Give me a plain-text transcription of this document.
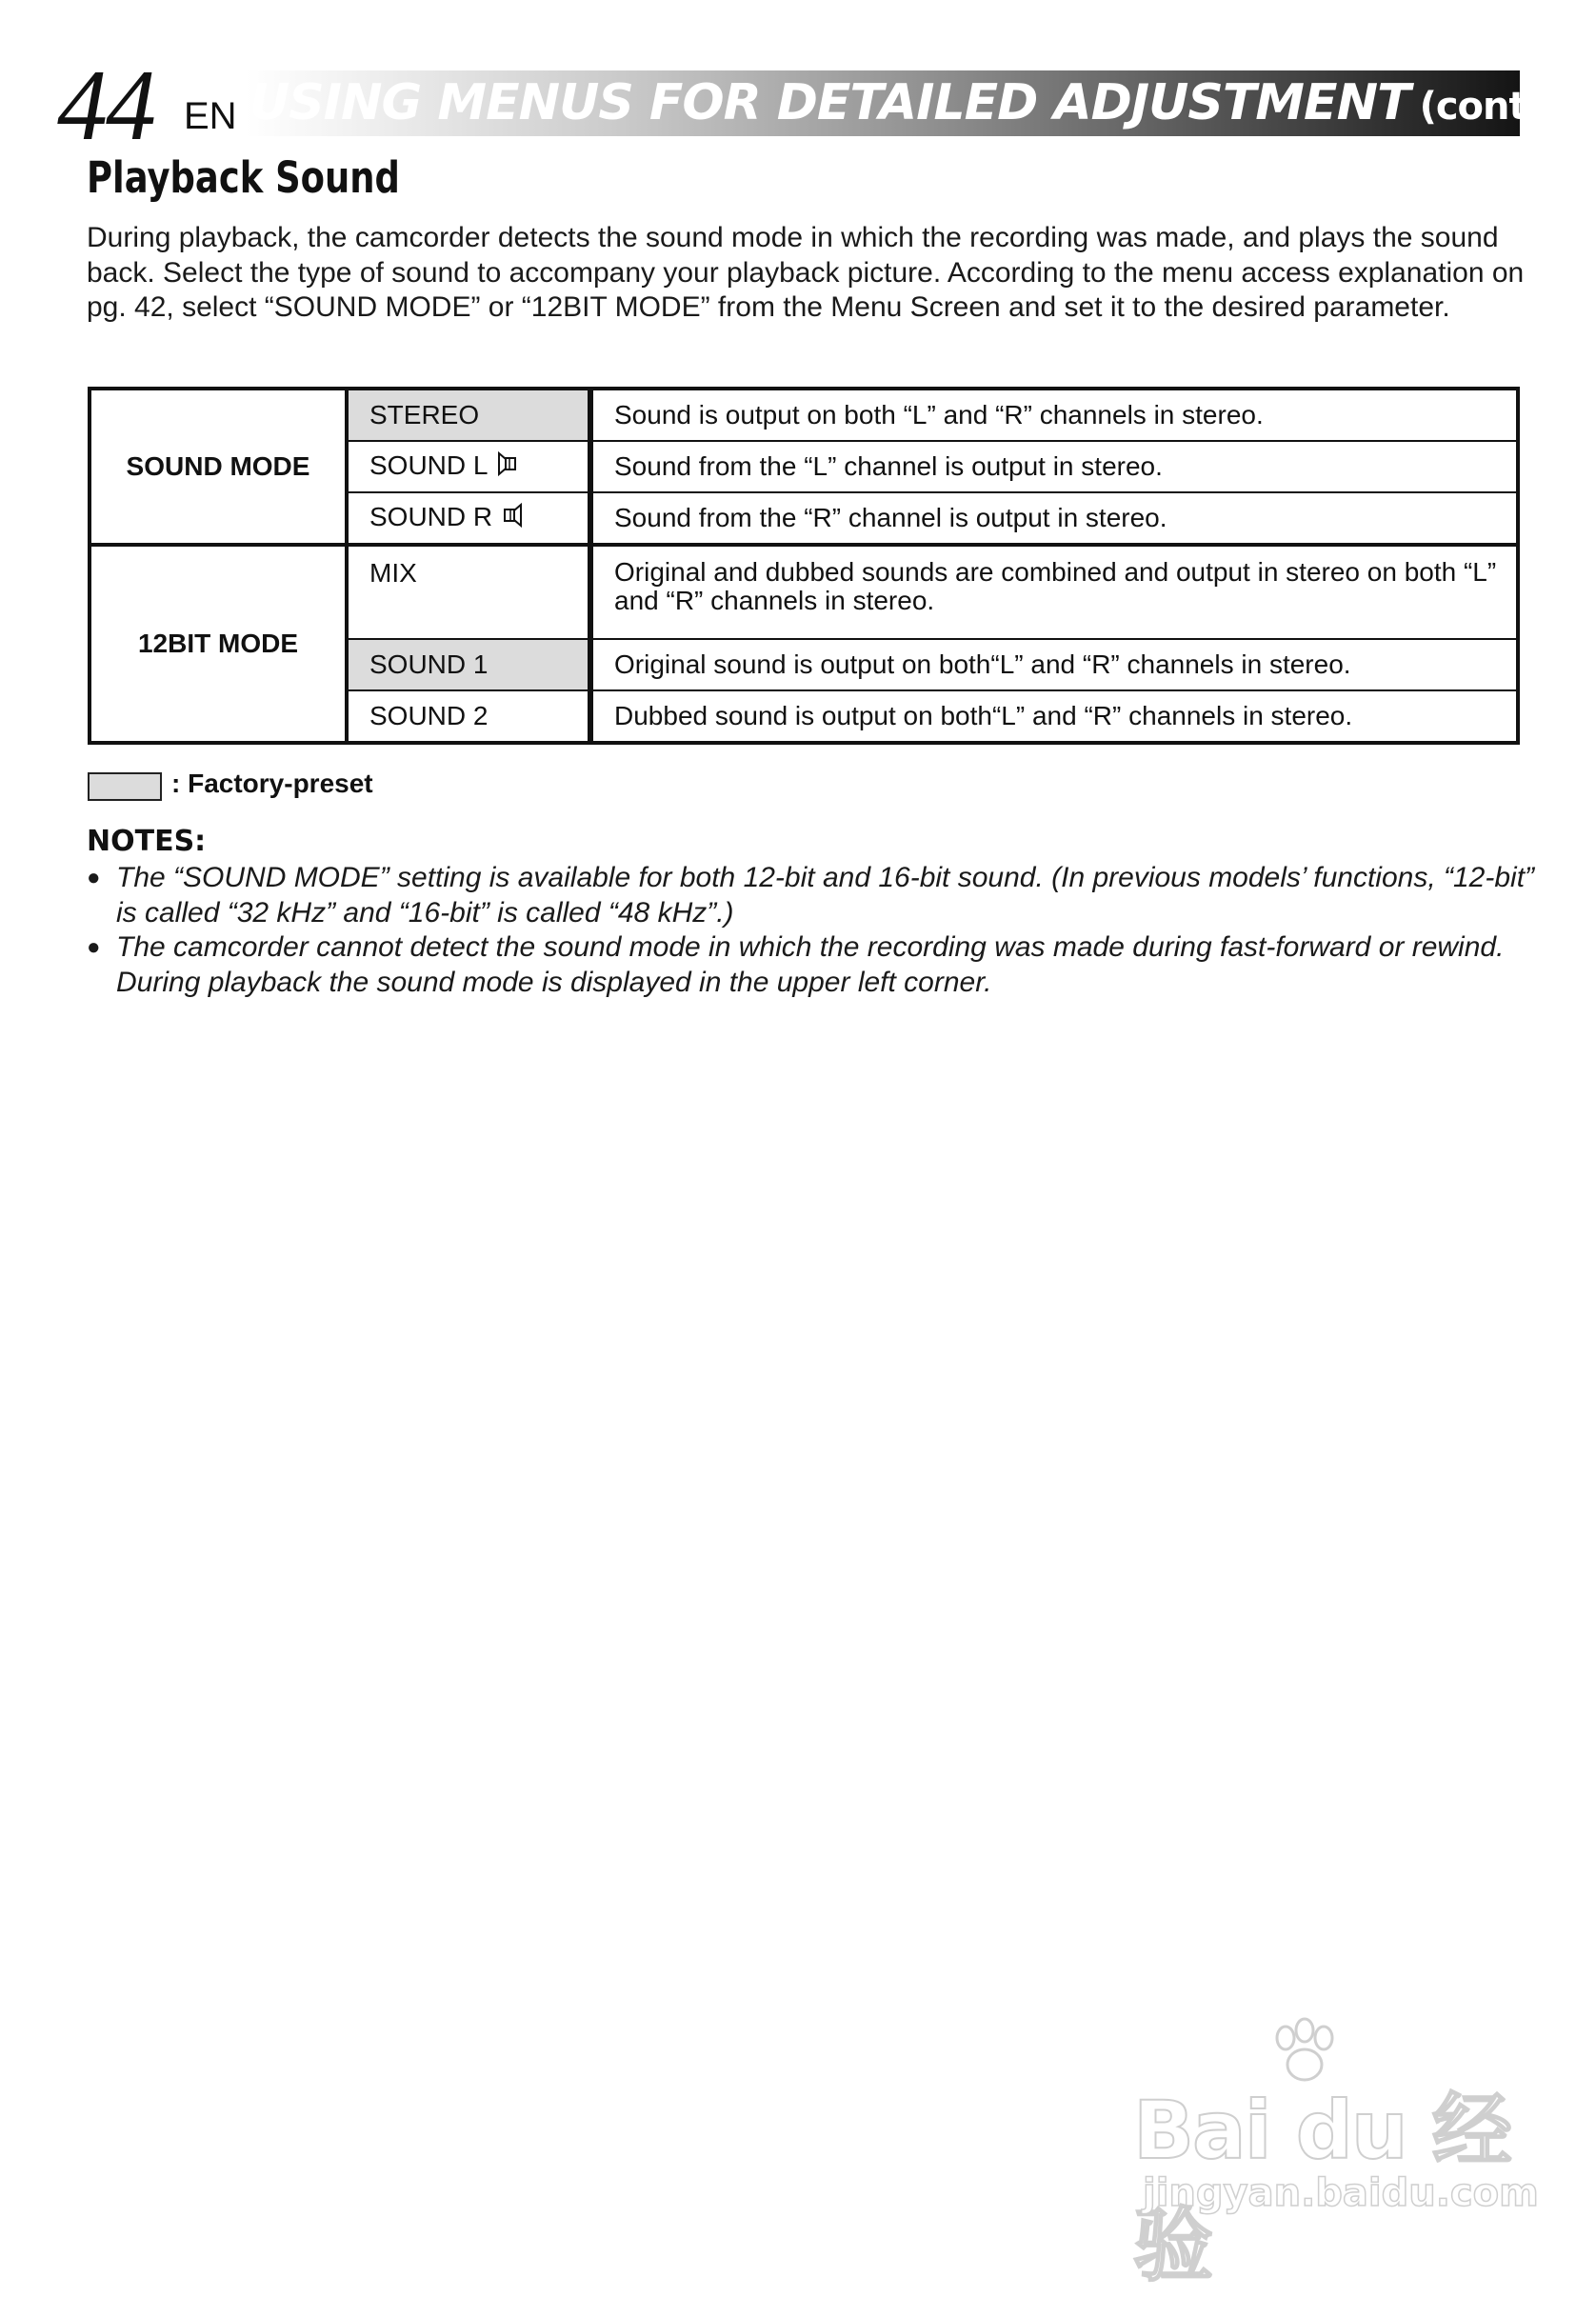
44 EN USING MENUS FOR DETAILED ADJUSTMENT (cont.)
Playback Sound

During playback, the camcorder detects the sound mode in which the recording was made, and plays the sound back. Select the type of sound to accompany your playback picture. According to the menu access explanation on pg. 42, select “SOUND MODE” or “12BIT MODE” from the Menu Screen and set it to the desired parameter.

SOUND MODE	STEREO	Sound is output on both “L” and “R” channels in stereo.

	SOUND L	Sound from the “L” channel is output in stereo.

	SOUND R	Sound from the “R” channel is output in stereo.

12BIT MODE	MIX	Original and dubbed sounds are combined and output in stereo on both “L” and “R” channels in stereo.

	SOUND 1	Original sound is output on both“L” and “R” channels in stereo.

	SOUND 2	Dubbed sound is output on both“L” and “R” channels in stereo.
: Factory-preset
NOTES:
● The “SOUND MODE” setting is available for both 12-bit and 16-bit sound. (In previous models’ functions, “12-bit” is called “32 kHz” and “16-bit” is called “48 kHz”.)
● The camcorder cannot detect the sound mode in which the recording was made during fast-forward or rewind. During playback the sound mode is displayed in the upper left corner.
Bai du 经验
jingyan.baidu.com
